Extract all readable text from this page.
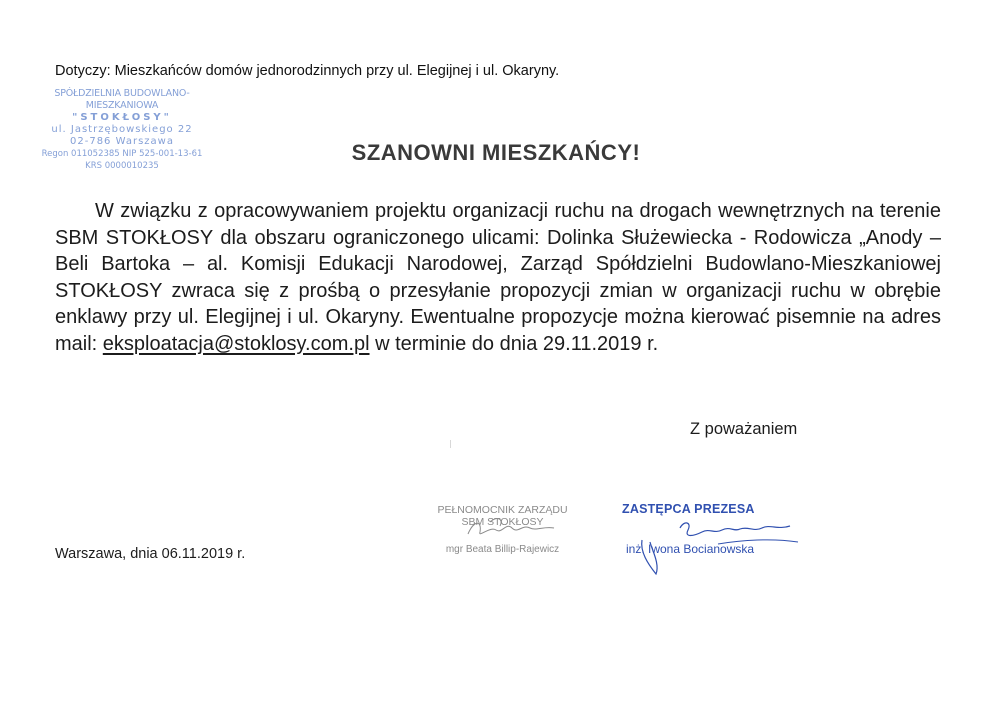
Dotyczy: Mieszkańców domów jednorodzinnych przy ul. Elegijnej i ul. Okaryny.
SPÓŁDZIELNIA BUDOWLANO-MIESZKANIOWA
"STOKŁOSY"
ul. Jastrzębowskiego 22
02-786 Warszawa
Regon 011052385 NIP 525-001-13-61
KRS 0000010235
SZANOWNI MIESZKAŃCY!
W związku z opracowywaniem projektu organizacji ruchu na drogach wewnętrznych na terenie SBM STOKŁOSY dla obszaru ograniczonego ulicami: Dolinka Służewiecka - Rodowicza „Anody – Beli Bartoka – al. Komisji Edukacji Narodowej, Zarząd Spółdzielni Budowlano-Mieszkaniowej STOKŁOSY zwraca się z prośbą o przesyłanie propozycji zmian w organizacji ruchu w obrębie enklawy przy ul. Elegijnej i ul. Okaryny. Ewentualne propozycje można kierować pisemnie na adres mail: eksploatacja@stoklosy.com.pl w terminie do dnia 29.11.2019 r.
Z poważaniem
Warszawa, dnia 06.11.2019 r.
PEŁNOMOCNIK ZARZĄDU
SBM STOKŁOSY
mgr Beata Billip-Rajewicz
ZASTĘPCA PREZESA
inż. Iwona Bocianowska
